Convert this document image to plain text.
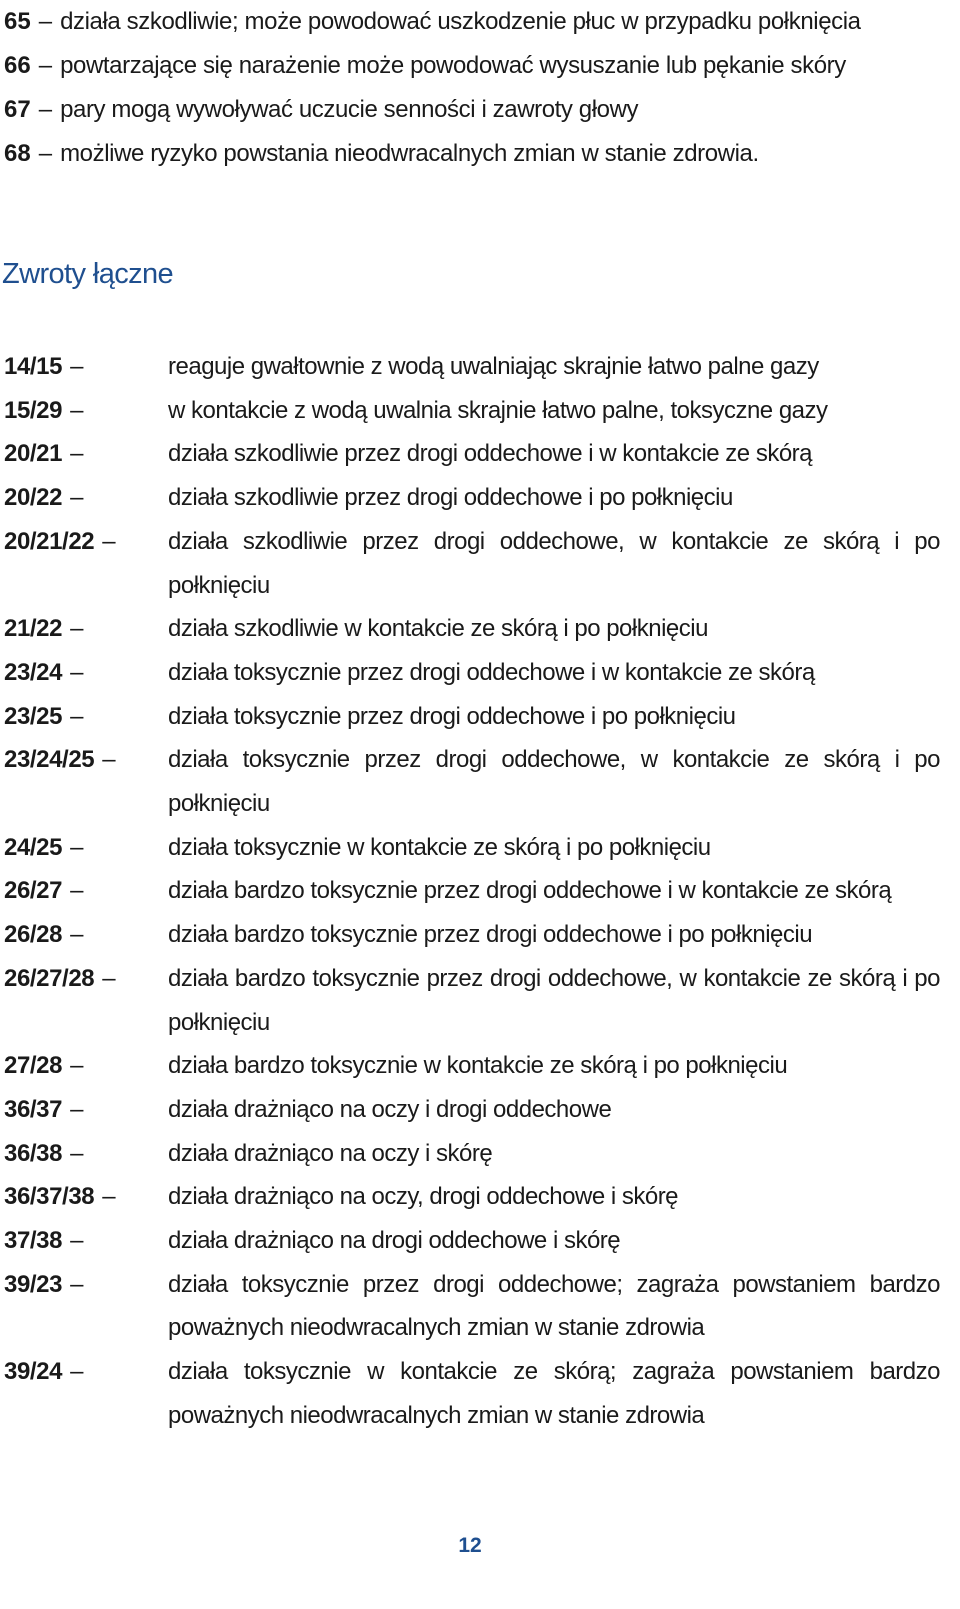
65 – działa szkodliwie; może powodować uszkodzenie płuc w przypadku połknięcia
66 – powtarzające się narażenie może powodować wysuszanie lub pękanie skóry
67 – pary mogą wywoływać uczucie senności i zawroty głowy
68 – możliwe ryzyko powstania nieodwracalnych zmian w stanie zdrowia.
Zwroty łączne
14/15 –	reaguje gwałtownie z wodą uwalniając skrajnie łatwo palne gazy
15/29 –	w kontakcie z wodą uwalnia skrajnie łatwo palne, toksyczne gazy
20/21 –	działa szkodliwie przez drogi oddechowe i w kontakcie ze skórą
20/22 –	działa szkodliwie przez drogi oddechowe i po połknięciu
20/21/22 –	działa szkodliwie przez drogi oddechowe, w kontakcie ze skórą i po połknięciu
21/22 –	działa szkodliwie w kontakcie ze skórą i po połknięciu
23/24 –	działa toksycznie przez drogi oddechowe i w kontakcie ze skórą
23/25 –	działa toksycznie przez drogi oddechowe i po połknięciu
23/24/25 –	działa toksycznie przez drogi oddechowe, w kontakcie ze skórą i po połknięciu
24/25 –	działa toksycznie w kontakcie ze skórą i po połknięciu
26/27 –	działa bardzo toksycznie przez drogi oddechowe i w kontakcie ze skórą
26/28 –	działa bardzo toksycznie przez drogi oddechowe i po połknięciu
26/27/28 –	działa bardzo toksycznie przez drogi oddechowe, w kontakcie ze skórą i po połknięciu
27/28 –	działa bardzo toksycznie w kontakcie ze skórą i po połknięciu
36/37 –	działa drażniąco na oczy i drogi oddechowe
36/38 –	działa drażniąco na oczy i skórę
36/37/38 –	działa drażniąco na oczy, drogi oddechowe i skórę
37/38 –	działa drażniąco na drogi oddechowe i skórę
39/23 –	działa toksycznie przez drogi oddechowe; zagraża powstaniem bardzo poważnych nieodwracalnych zmian w stanie zdrowia
39/24 –	działa toksycznie w kontakcie ze skórą; zagraża powstaniem bardzo poważnych nieodwracalnych zmian w stanie zdrowia
12
